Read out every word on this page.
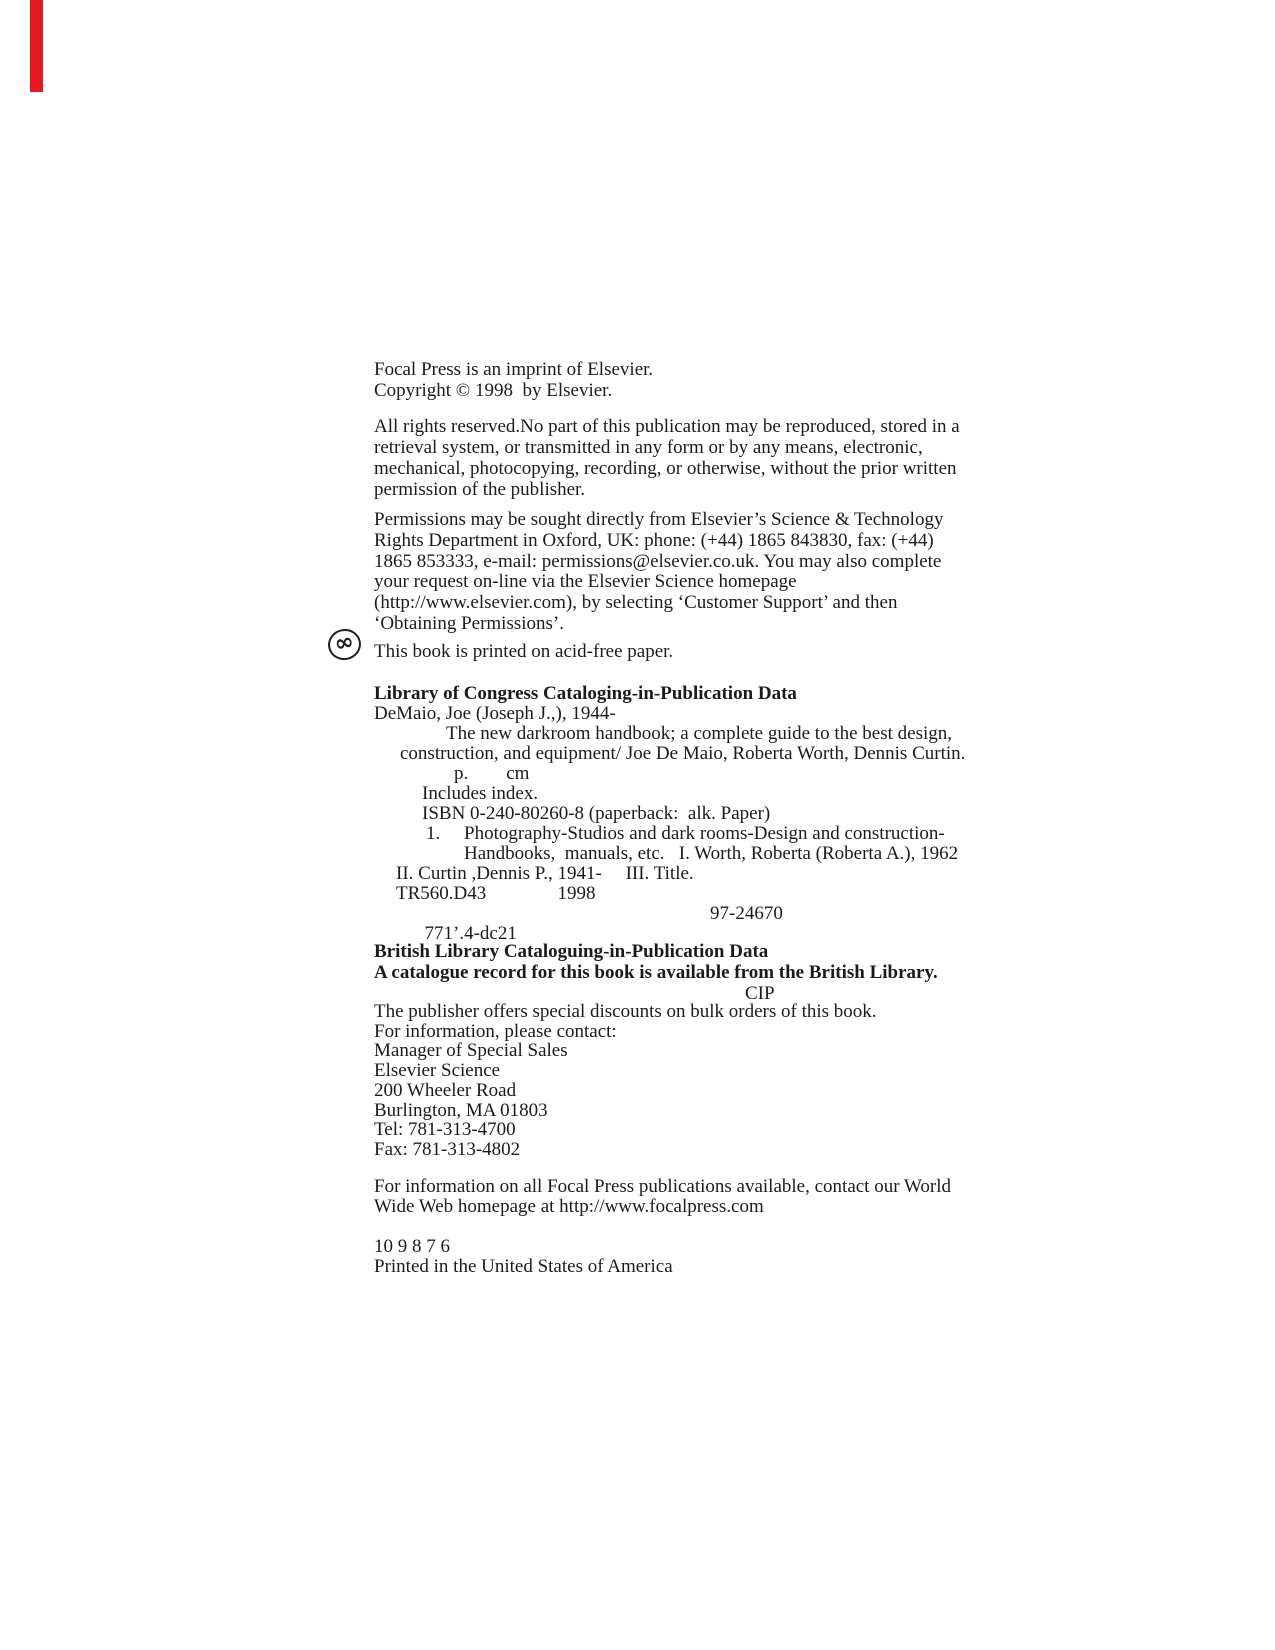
Focal Press is an imprint of Elsevier.
Copyright © 1998  by Elsevier.
All rights reserved.No part of this publication may be reproduced, stored in a
retrieval system, or transmitted in any form or by any means, electronic,
mechanical, photocopying, recording, or otherwise, without the prior written
permission of the publisher.
Permissions may be sought directly from Elsevier’s Science & Technology
Rights Department in Oxford, UK: phone: (+44) 1865 843830, fax: (+44)
1865 853333, e-mail: permissions@elsevier.co.uk. You may also complete
your request on-line via the Elsevier Science homepage
(http://www.elsevier.com), by selecting ‘Customer Support’ and then
‘Obtaining Permissions’.
∞ This book is printed on acid-free paper.
Library of Congress Cataloging-in-Publication Data
DeMaio, Joe (Joseph J.,), 1944-
The new darkroom handbook; a complete guide to the best design,
construction, and equipment/ Joe De Maio, Roberta Worth, Dennis Curtin.
p.        cm
Includes index.
ISBN 0-240-80260-8 (paperback:  alk. Paper)
1.     Photography-Studios and dark rooms-Design and construction-
Handbooks,  manuals, etc.   I. Worth, Roberta (Roberta A.), 1962
II. Curtin ,Dennis P., 1941-     III. Title.
TR560.D43               1998

771’.4-dc21

97-24670

CIP
British Library Cataloguing-in-Publication Data
A catalogue record for this book is available from the British Library.
The publisher offers special discounts on bulk orders of this book.
For information, please contact:
Manager of Special Sales
Elsevier Science
200 Wheeler Road
Burlington, MA 01803
Tel: 781-313-4700
Fax: 781-313-4802
For information on all Focal Press publications available, contact our World
Wide Web homepage at http://www.focalpress.com
10 9 8 7 6
Printed in the United States of America
